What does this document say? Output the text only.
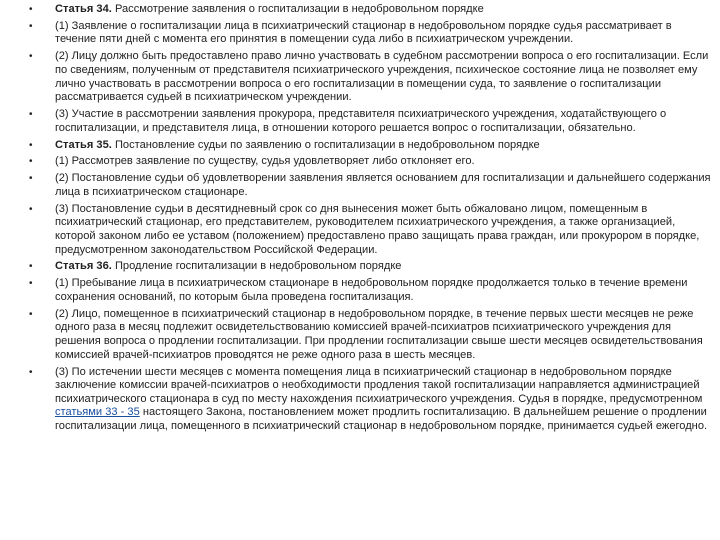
•	Статья 34. Рассмотрение заявления о госпитализации в недобровольном порядке
•	(1) Заявление о госпитализации лица в психиатрический стационар в недобровольном порядке судья рассматривает в течение пяти дней с момента его принятия в помещении суда либо в психиатрическом учреждении.
•	(2) Лицу должно быть предоставлено право лично участвовать в судебном рассмотрении вопроса о его госпитализации. Если по сведениям, полученным от представителя психиатрического учреждения, психическое состояние лица не позволяет ему лично участвовать в рассмотрении вопроса о его госпитализации в помещении суда, то заявление о госпитализации рассматривается судьей в психиатрическом учреждении.
•	(3) Участие в рассмотрении заявления прокурора, представителя психиатрического учреждения, ходатайствующего о госпитализации, и представителя лица, в отношении которого решается вопрос о госпитализации, обязательно.
•	Статья 35. Постановление судьи по заявлению о госпитализации в недобровольном порядке
•	(1) Рассмотрев заявление по существу, судья удовлетворяет либо отклоняет его.
•	(2) Постановление судьи об удовлетворении заявления является основанием для госпитализации и дальнейшего содержания лица в психиатрическом стационаре.
•	(3) Постановление судьи в десятидневный срок со дня вынесения может быть обжаловано лицом, помещенным в психиатрический стационар, его представителем, руководителем психиатрического учреждения, а также организацией, которой законом либо ее уставом (положением) предоставлено право защищать права граждан, или прокурором в порядке, предусмотренном законодательством Российской Федерации.
•	Статья 36. Продление госпитализации в недобровольном порядке
•	(1) Пребывание лица в психиатрическом стационаре в недобровольном порядке продолжается только в течение времени сохранения оснований, по которым была проведена госпитализация.
•	(2) Лицо, помещенное в психиатрический стационар в недобровольном порядке, в течение первых шести месяцев не реже одного раза в месяц подлежит освидетельствованию комиссией врачей-психиатров психиатрического учреждения для решения вопроса о продлении госпитализации. При продлении госпитализации свыше шести месяцев освидетельствования комиссией врачей-психиатров проводятся не реже одного раза в шесть месяцев.
•	(3) По истечении шести месяцев с момента помещения лица в психиатрический стационар в недобровольном порядке заключение комиссии врачей-психиатров о необходимости продления такой госпитализации направляется администрацией психиатрического стационара в суд по месту нахождения психиатрического учреждения. Судья в порядке, предусмотренном статьями 33 - 35 настоящего Закона, постановлением может продлить госпитализацию. В дальнейшем решение о продлении госпитализации лица, помещенного в психиатрический стационар в недобровольном порядке, принимается судьей ежегодно.
